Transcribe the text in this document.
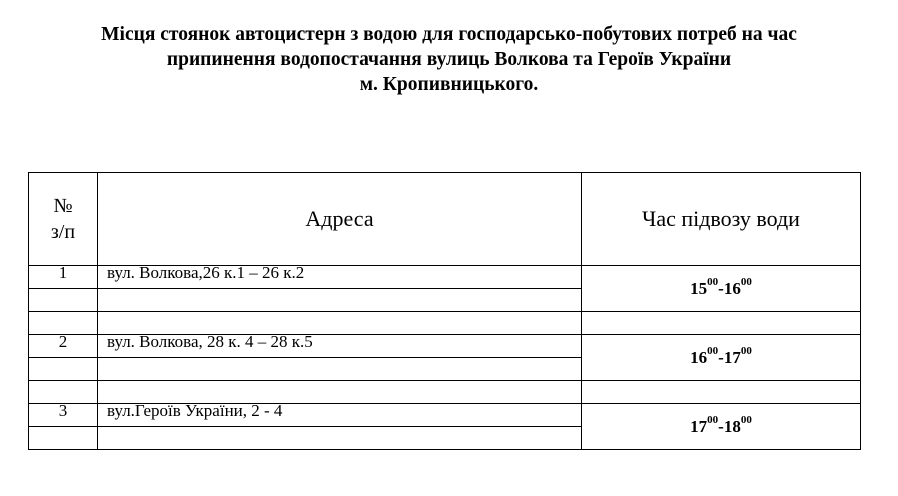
Місця стоянок автоцистерн з водою для господарсько-побутових потреб на час
припинення водопостачання вулиць Волкова та Героїв України
м. Кропивницького.
№
з/п	Адреса	Час підвозу води
1	вул. Волкова,26 к.1 – 26 к.2	$15^{00}-16^{00}$

2	вул. Волкова, 28 к. 4 – 28 к.5	$16^{00}-17^{00}$

3	вул.Героїв України, 2 - 4	$17^{00}-18^{00}$
